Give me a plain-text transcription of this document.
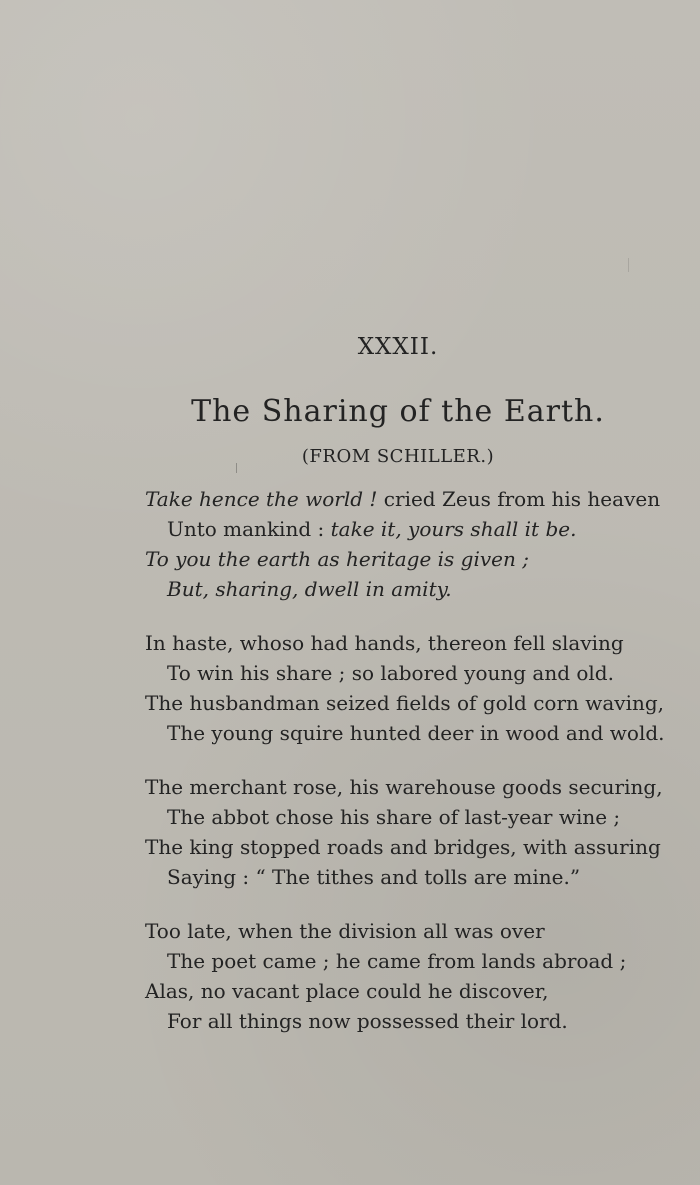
XXXII.
The Sharing of the Earth.
(FROM SCHILLER.)
Take hence the world ! cried Zeus from his heaven
Unto mankind : take it, yours shall it be.
To you the earth as heritage is given ;
But, sharing, dwell in amity.
In haste, whoso had hands, thereon fell slaving
To win his share ; so labored young and old.
The husbandman seized fields of gold corn waving,
The young squire hunted deer in wood and wold.
The merchant rose, his warehouse goods securing,
The abbot chose his share of last-year wine ;
The king stopped roads and bridges, with assuring
Saying : “ The tithes and tolls are mine.”
Too late, when the division all was over
The poet came ; he came from lands abroad ;
Alas, no vacant place could he discover,
For all things now possessed their lord.
